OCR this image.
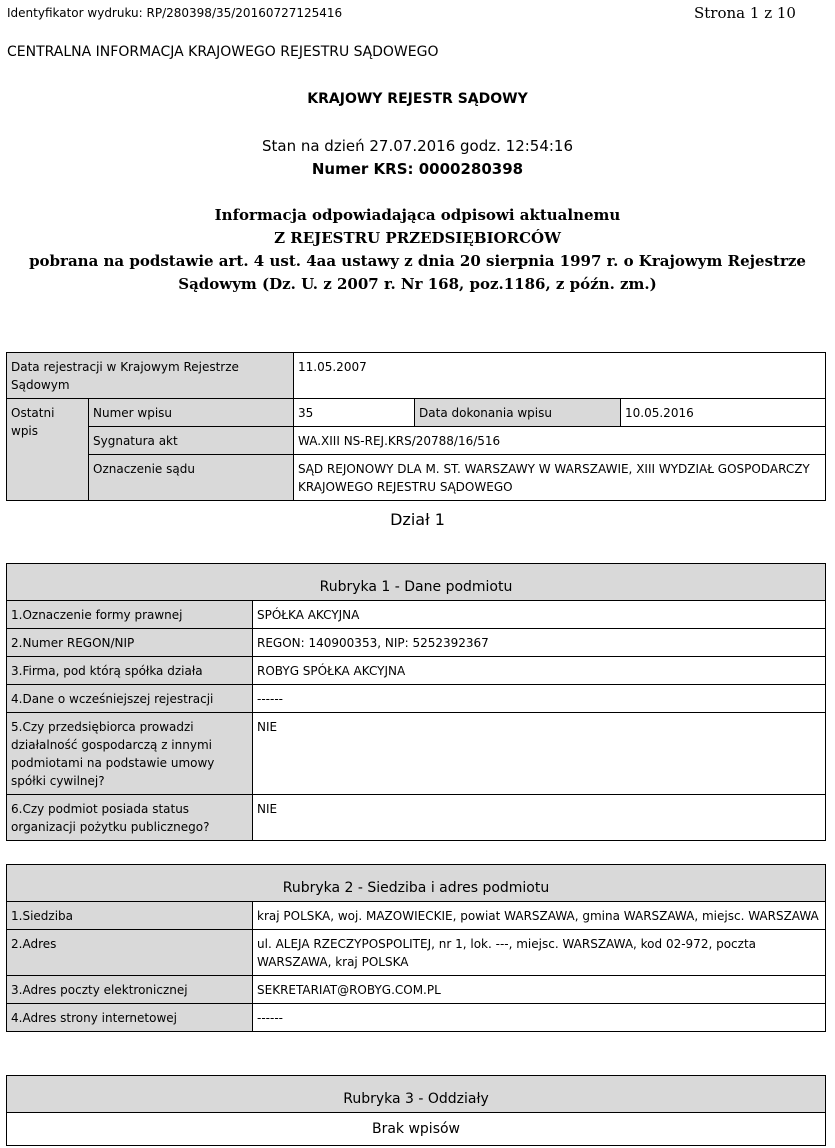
Identyfikator wydruku: RP/280398/35/20160727125416	Strona 1 z 10
CENTRALNA INFORMACJA KRAJOWEGO REJESTRU SĄDOWEGO
KRAJOWY REJESTR SĄDOWY
Stan na dzień 27.07.2016 godz. 12:54:16
Numer KRS: 0000280398
Informacja odpowiadająca odpisowi aktualnemu
Z REJESTRU PRZEDSIĘBIORCÓW
pobrana na podstawie art. 4 ust. 4aa ustawy z dnia 20 sierpnia 1997 r. o Krajowym Rejestrze
Sądowym (Dz. U. z 2007 r. Nr 168, poz.1186, z późn. zm.)
Data rejestracji w Krajowym Rejestrze Sądowym		11.05.2007		
Ostatni wpis	Numer wpisu	35	Data dokonania wpisu	10.05.2016
	Sygnatura akt	WA.XIII NS-REJ.KRS/20788/16/516		
	Oznaczenie sądu	SĄD REJONOWY DLA M. ST. WARSZAWY W WARSZAWIE, XIII WYDZIAŁ GOSPODARCZY KRAJOWEGO REJESTRU SĄDOWEGO		
Dział 1
Rubryka 1 - Dane podmiotu	
1.Oznaczenie formy prawnej	SPÓŁKA AKCYJNA
2.Numer REGON/NIP	REGON: 140900353, NIP: 5252392367
3.Firma, pod którą spółka działa	ROBYG SPÓŁKA AKCYJNA
4.Dane o wcześniejszej rejestracji	------
5.Czy przedsiębiorca prowadzi działalność gospodarczą z innymi podmiotami na podstawie umowy spółki cywilnej?	NIE
6.Czy podmiot posiada status organizacji pożytku publicznego?	NIE
Rubryka 2 - Siedziba i adres podmiotu	
1.Siedziba	kraj POLSKA, woj. MAZOWIECKIE, powiat WARSZAWA, gmina WARSZAWA, miejsc. WARSZAWA
2.Adres	ul. ALEJA RZECZYPOSPOLITEJ, nr 1, lok. ---, miejsc. WARSZAWA, kod 02-972, poczta WARSZAWA, kraj POLSKA
3.Adres poczty elektronicznej	SEKRETARIAT@ROBYG.COM.PL
4.Adres strony internetowej	------
Rubryka 3 - Oddziały
Brak wpisów
